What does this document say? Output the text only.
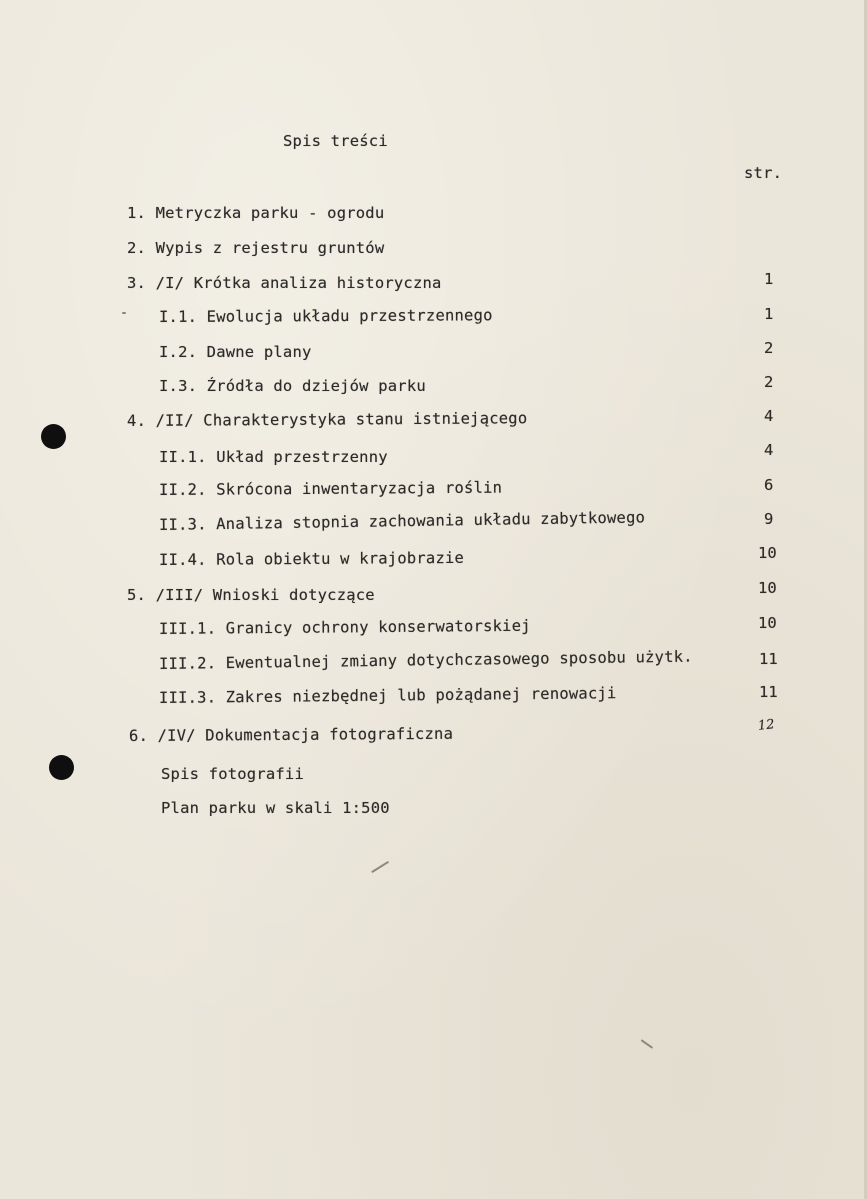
Spis treści
str.
1. Metryczka parku - ogrodu
2. Wypis z rejestru gruntów
3. /I/ Krótka analiza historyczna
I.1. Ewolucja układu przestrzennego
I.2. Dawne plany
I.3. Źródła do dziejów parku
4. /II/ Charakterystyka stanu istniejącego
II.1. Układ przestrzenny
II.2. Skrócona inwentaryzacja roślin
II.3. Analiza stopnia zachowania układu zabytkowego
II.4. Rola obiektu w krajobrazie
5. /III/ Wnioski dotyczące
III.1. Granicy ochrony konserwatorskiej
III.2. Ewentualnej zmiany dotychczasowego sposobu użytk.
III.3. Zakres niezbędnej lub pożądanej renowacji
6. /IV/ Dokumentacja fotograficzna
Spis fotografii
Plan parku w skali 1:500
1
1
2
2
4
4
6
9
10
10
10
11
11
12
